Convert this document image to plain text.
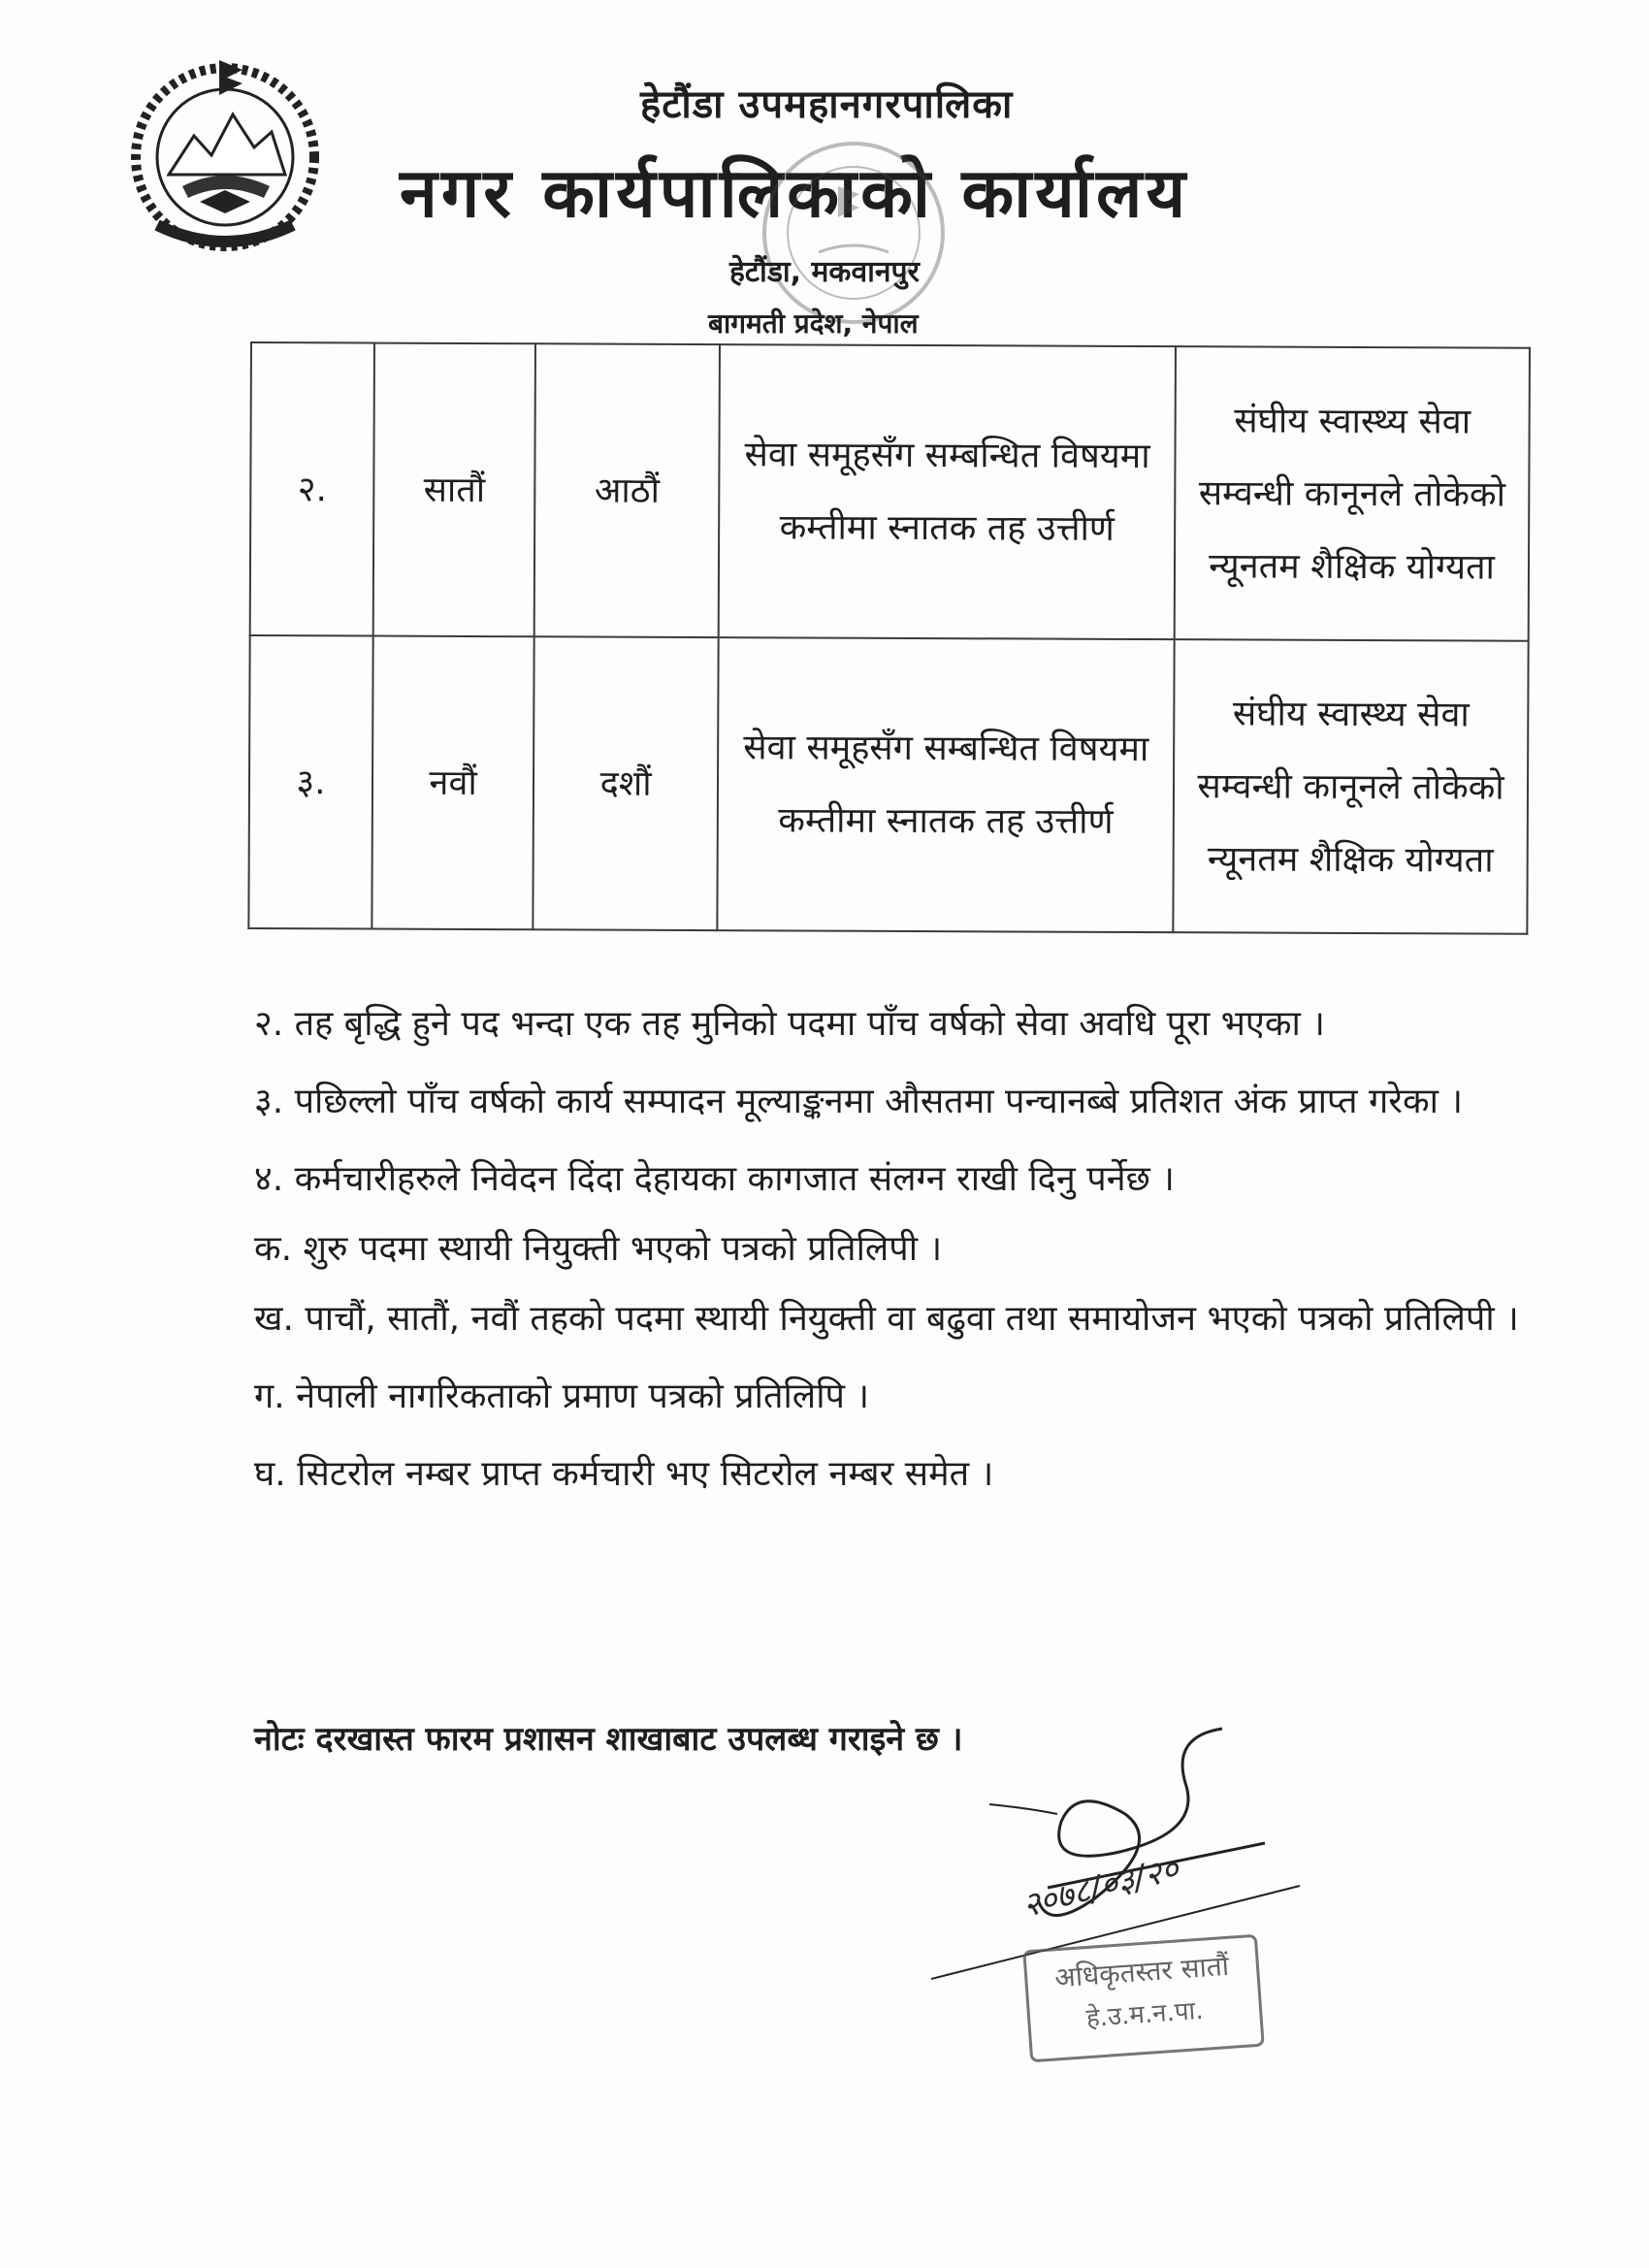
हेटौंडा उपमहानगरपालिका
नगर कार्यपालिकाको कार्यालय
हेटौंडा, मकवानपुर
बागमती प्रदेश, नेपाल
२.	सातौं	आठौं	सेवा समूहसँग सम्बन्धित विषयमा कम्तीमा स्नातक तह उत्तीर्ण	संघीय स्वास्थ्य सेवा सम्वन्धी कानूनले तोकेको न्यूनतम शैक्षिक योग्यता
३.	नवौं	दशौं	सेवा समूहसँग सम्बन्धित विषयमा कम्तीमा स्नातक तह उत्तीर्ण	संघीय स्वास्थ्य सेवा सम्वन्धी कानूनले तोकेको न्यूनतम शैक्षिक योग्यता

२. तह बृद्धि हुने पद भन्दा एक तह मुनिको पदमा पाँच वर्षको सेवा अवधि पूरा भएका ।

३. पछिल्लो पाँच वर्षको कार्य सम्पादन मूल्याङ्कनमा औसतमा पन्चानब्बे प्रतिशत अंक प्राप्त गरेका ।

४. कर्मचारीहरुले निवेदन दिंदा देहायका कागजात संलग्न राखी दिनु पर्नेछ ।

क. शुरु पदमा स्थायी नियुक्ती भएको पत्रको प्रतिलिपी ।

ख. पाचौं, सातौं, नवौं तहको पदमा स्थायी नियुक्ती वा बढुवा तथा समायोजन भएको पत्रको प्रतिलिपी ।

ग. नेपाली नागरिकताको प्रमाण पत्रको प्रतिलिपि ।

घ. सिटरोल नम्बर प्राप्त कर्मचारी भए सिटरोल नम्बर समेत ।

नोटः दरखास्त फारम प्रशासन शाखाबाट उपलब्ध गराइने छ ।
२०७८/०३/२०
अधिकृतस्तर सातौं
हे.उ.म.न.पा.
